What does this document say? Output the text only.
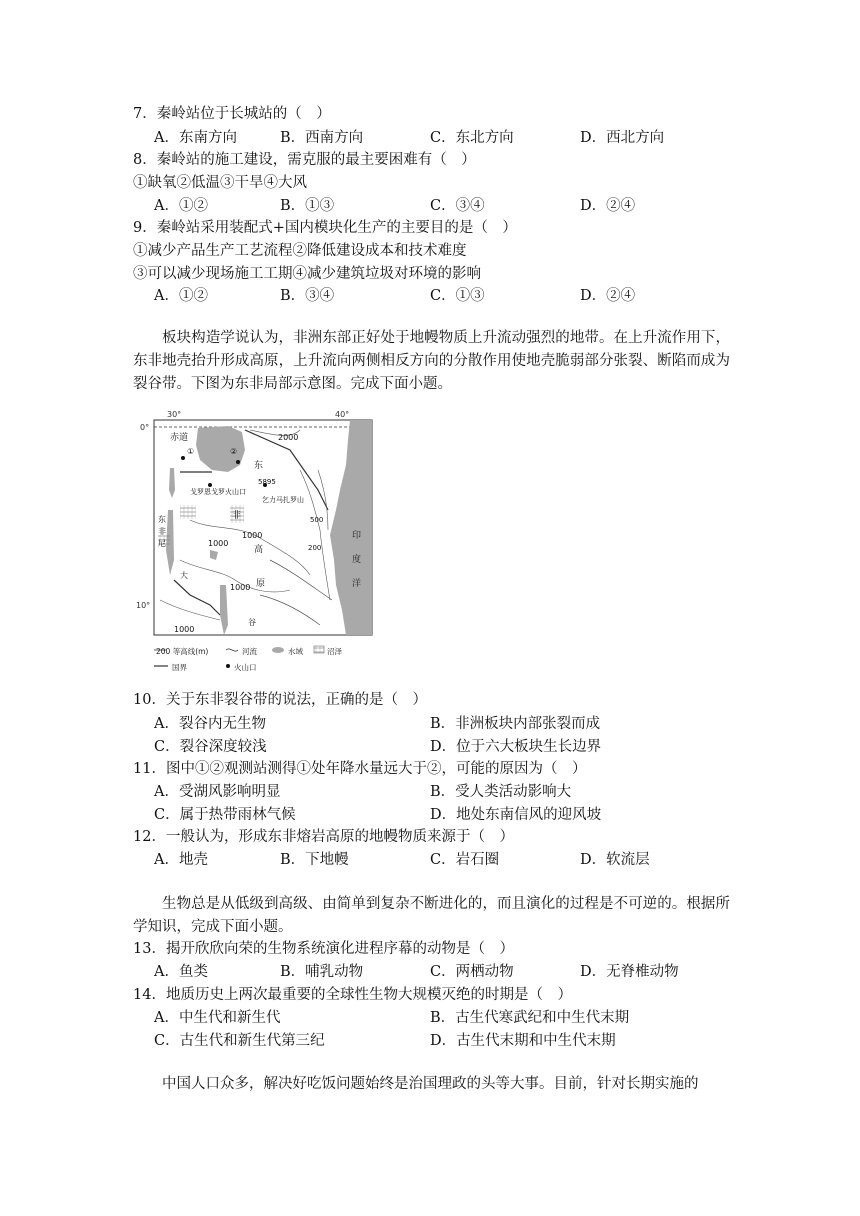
7．秦岭站位于长城站的（　）
A．东南方向	B．西南方向	C．东北方向	D．西北方向
8．秦岭站的施工建设，需克服的最主要困难有（　）
①缺氧②低温③干旱④大风
A．①②	B．①③	C．③④	D．②④
9．秦岭站采用装配式+国内模块化生产的主要目的是（　）
①减少产品生产工艺流程②降低建设成本和技术难度
③可以减少现场施工工期④减少建筑垃圾对环境的影响
A．①②	B．③④	C．①③	D．②④
板块构造学说认为，非洲东部正好处于地幔物质上升流动强烈的地带。在上升流作用下，东非地壳抬升形成高原，上升流向两侧相反方向的分散作用使地壳脆弱部分张裂、断陷而成为裂谷带。下图为东非局部示意图。完成下面小题。
30°	40°
0°
10°
赤道
印
度
洋
①	②
戈罗恩戈罗火山口
5895
乞力马扎罗山
东
非
高
原
东
非
尼
大
谷
2000
1000
1000
1000
1000
500
200
200 等高线(m)	河流	水域	沼泽
国界	火山口
10．关于东非裂谷带的说法，正确的是（　）
A．裂谷内无生物	B．非洲板块内部张裂而成
C．裂谷深度较浅	D．位于六大板块生长边界
11．图中①②观测站测得①处年降水量远大于②，可能的原因为（　）
A．受湖风影响明显	B．受人类活动影响大
C．属于热带雨林气候	D．地处东南信风的迎风坡
12．一般认为，形成东非熔岩高原的地幔物质来源于（　）
A．地壳	B．下地幔	C．岩石圈	D．软流层
生物总是从低级到高级、由简单到复杂不断进化的，而且演化的过程是不可逆的。根据所学知识，完成下面小题。
13．揭开欣欣向荣的生物系统演化进程序幕的动物是（　）
A．鱼类	B．哺乳动物	C．两栖动物	D．无脊椎动物
14．地质历史上两次最重要的全球性生物大规模灭绝的时期是（　）
A．中生代和新生代	B．古生代寒武纪和中生代末期
C．古生代和新生代第三纪	D．古生代末期和中生代末期
中国人口众多，解决好吃饭问题始终是治国理政的头等大事。目前，针对长期实施的
